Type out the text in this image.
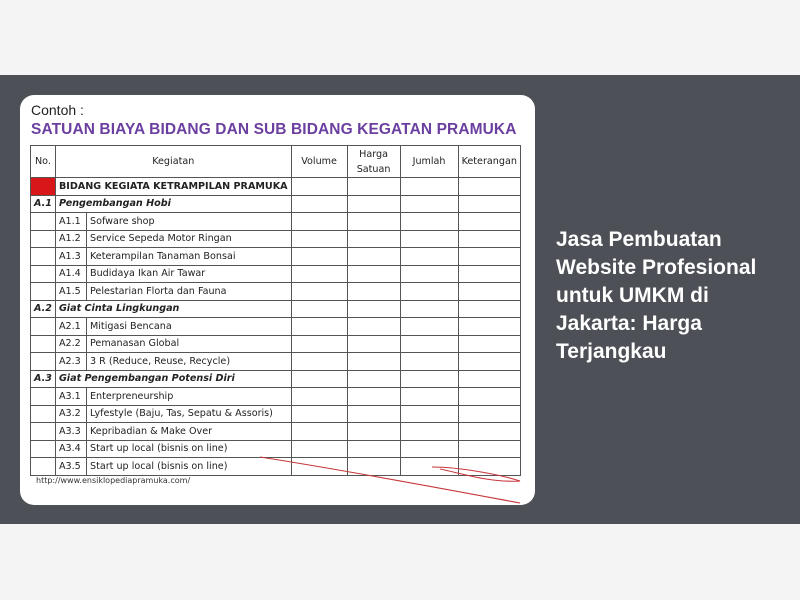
Contoh :
SATUAN BIAYA BIDANG DAN SUB BIDANG KEGATAN PRAMUKA
No.	Kegiatan		Volume	Harga Satuan	Jumlah	Keterangan
A	BIDANG KEGIATA KETRAMPILAN PRAMUKA					
A.1	Pengembangan Hobi					
	A1.1	Sofware shop				
	A1.2	Service Sepeda Motor Ringan				
	A1.3	Keterampilan Tanaman Bonsai				
	A1.4	Budidaya Ikan Air Tawar				
	A1.5	Pelestarian Florta dan Fauna				
A.2	Giat Cinta Lingkungan					
	A2.1	Mitigasi Bencana				
	A2.2	Pemanasan Global				
	A2.3	3 R (Reduce, Reuse, Recycle)				
A.3	Giat Pengembangan Potensi Diri					
	A3.1	Enterpreneurship				
	A3.2	Lyfestyle (Baju, Tas, Sepatu & Assoris)				
	A3.3	Kepribadian & Make Over				
	A3.4	Start up local (bisnis on line)				
	A3.5	Start up local (bisnis on line)				
http://www.ensiklopediapramuka.com/
Jasa Pembuatan Website Profesional untuk UMKM di Jakarta: Harga Terjangkau
